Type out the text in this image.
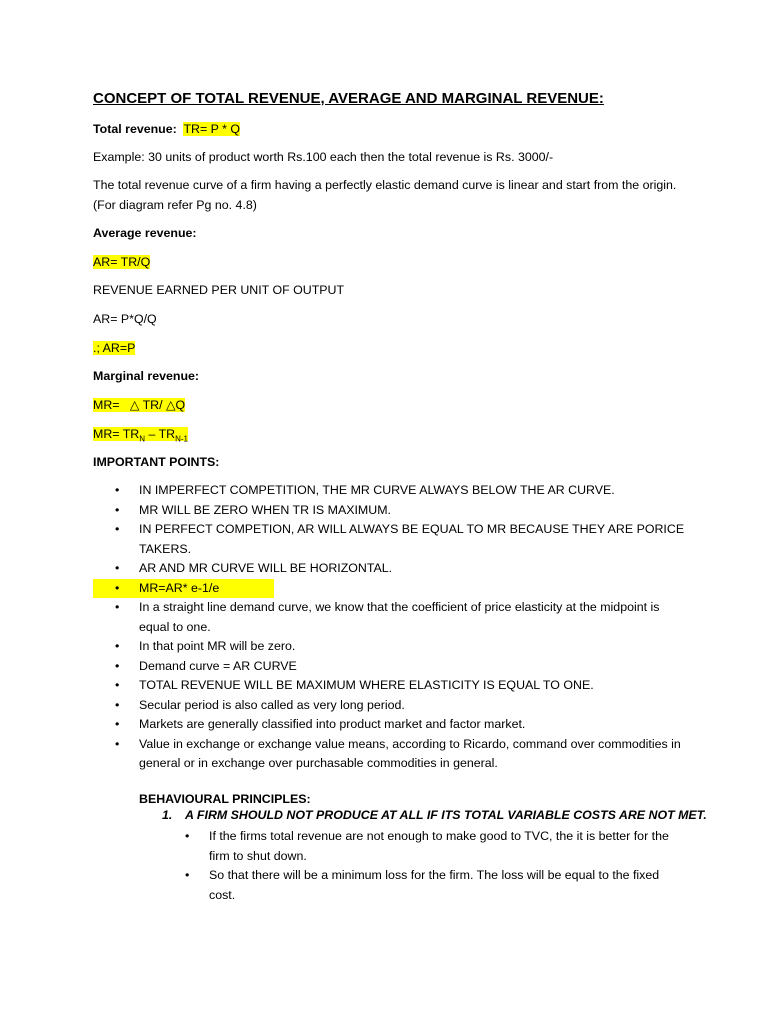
CONCEPT OF TOTAL REVENUE, AVERAGE AND MARGINAL REVENUE:
Total revenue: TR= P * Q
Example: 30 units of product worth Rs.100 each then the total revenue is Rs. 3000/-
The total revenue curve of a firm having a perfectly elastic demand curve is linear and start from the origin. (For diagram refer Pg no. 4.8)
Average revenue:
AR= TR/Q
REVENUE EARNED PER UNIT OF OUTPUT
AR= P*Q/Q
.; AR=P
Marginal revenue:
MR=   △ TR/ △Q
$MR= TR_N - TR_{N-1}$
IMPORTANT POINTS:
• IN IMPERFECT COMPETITION, THE MR CURVE ALWAYS BELOW THE AR CURVE.
• MR WILL BE ZERO WHEN TR IS MAXIMUM.
• IN PERFECT COMPETION, AR WILL ALWAYS BE EQUAL TO MR BECAUSE THEY ARE PORICE TAKERS.
• AR AND MR CURVE WILL BE HORIZONTAL.
• MR=AR* e-1/e
• In a straight line demand curve, we know that the coefficient of price elasticity at the midpoint is equal to one.
• In that point MR will be zero.
• Demand curve = AR CURVE
• TOTAL REVENUE WILL BE MAXIMUM WHERE ELASTICITY IS EQUAL TO ONE.
• Secular period is also called as very long period.
• Markets are generally classified into product market and factor market.
• Value in exchange or exchange value means, according to Ricardo, command over commodities in general or in exchange over purchasable commodities in general.
BEHAVIOURAL PRINCIPLES:
1. A FIRM SHOULD NOT PRODUCE AT ALL IF ITS TOTAL VARIABLE COSTS ARE NOT MET.
• If the firms total revenue are not enough to make good to TVC, the it is better for the firm to shut down.
• So that there will be a minimum loss for the firm. The loss will be equal to the fixed cost.
